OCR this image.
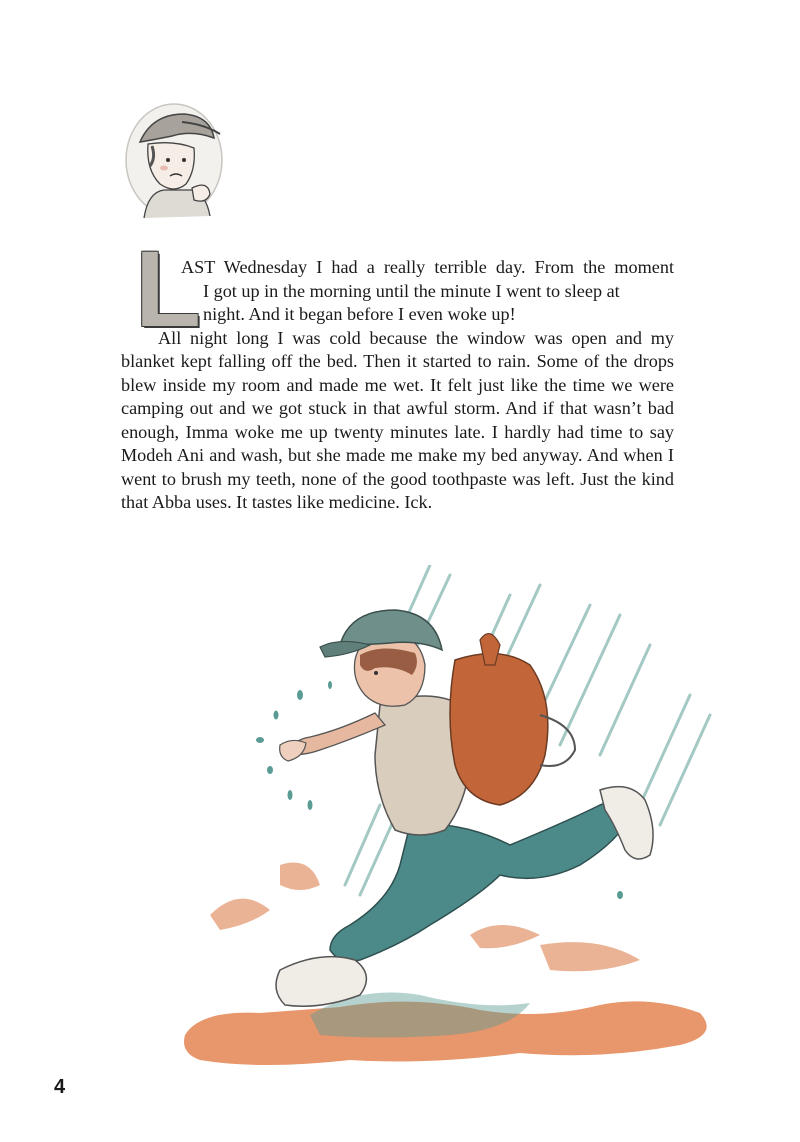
L
AST Wednesday I had a really terrible day. From the moment
I got up in the morning until the minute I went to sleep at
night. And it began before I even woke up!

All night long I was cold because the window was open and my blanket kept falling off the bed. Then it started to rain. Some of the drops blew inside my room and made me wet. It felt just like the time we were camping out and we got stuck in that awful storm. And if that wasn’t bad enough, Imma woke me up twenty minutes late. I hardly had time to say Modeh Ani and wash, but she made me make my bed anyway. And when I went to brush my teeth, none of the good toothpaste was left. Just the kind that Abba uses. It tastes like medicine. Ick.

4
